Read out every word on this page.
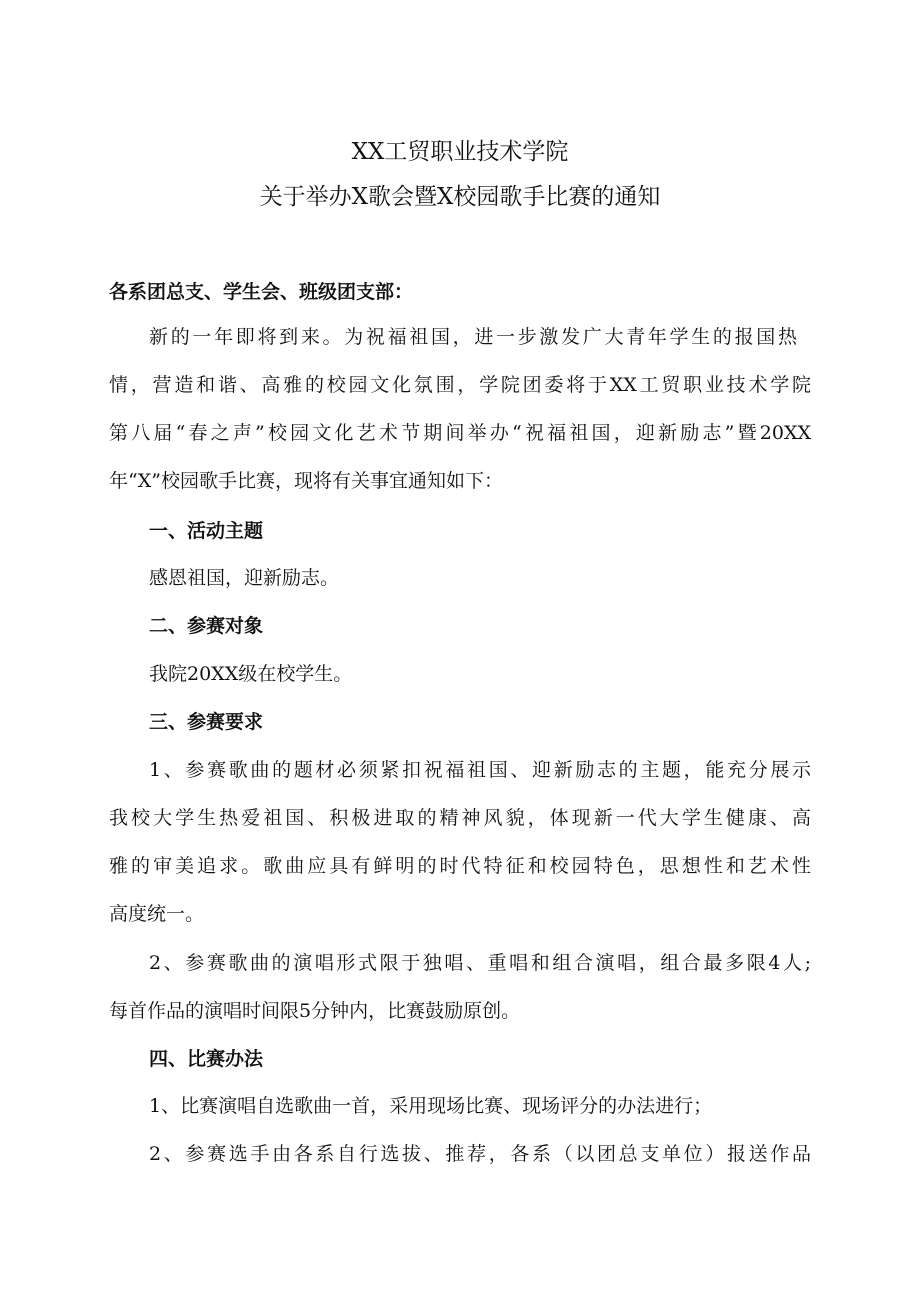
XX工贸职业技术学院
关于举办X歌会暨X校园歌手比赛的通知
各系团总支、学生会、班级团支部：
新的一年即将到来。为祝福祖国，进一步激发广大青年学生的报国热
情，营造和谐、高雅的校园文化氛围，学院团委将于XX工贸职业技术学院
第八届“春之声”校园文化艺术节期间举办“祝福祖国，迎新励志”暨20XX
年“X”校园歌手比赛，现将有关事宜通知如下：
一、活动主题
感恩祖国，迎新励志。
二、参赛对象
我院20XX级在校学生。
三、参赛要求
1、参赛歌曲的题材必须紧扣祝福祖国、迎新励志的主题，能充分展示
我校大学生热爱祖国、积极进取的精神风貌，体现新一代大学生健康、高
雅的审美追求。歌曲应具有鲜明的时代特征和校园特色，思想性和艺术性
高度统一。
2、参赛歌曲的演唱形式限于独唱、重唱和组合演唱，组合最多限4人;
每首作品的演唱时间限5分钟内，比赛鼓励原创。
四、比赛办法
1、比赛演唱自选歌曲一首，采用现场比赛、现场评分的办法进行；
2、参赛选手由各系自行选拔、推荐，各系（以团总支单位）报送作品
